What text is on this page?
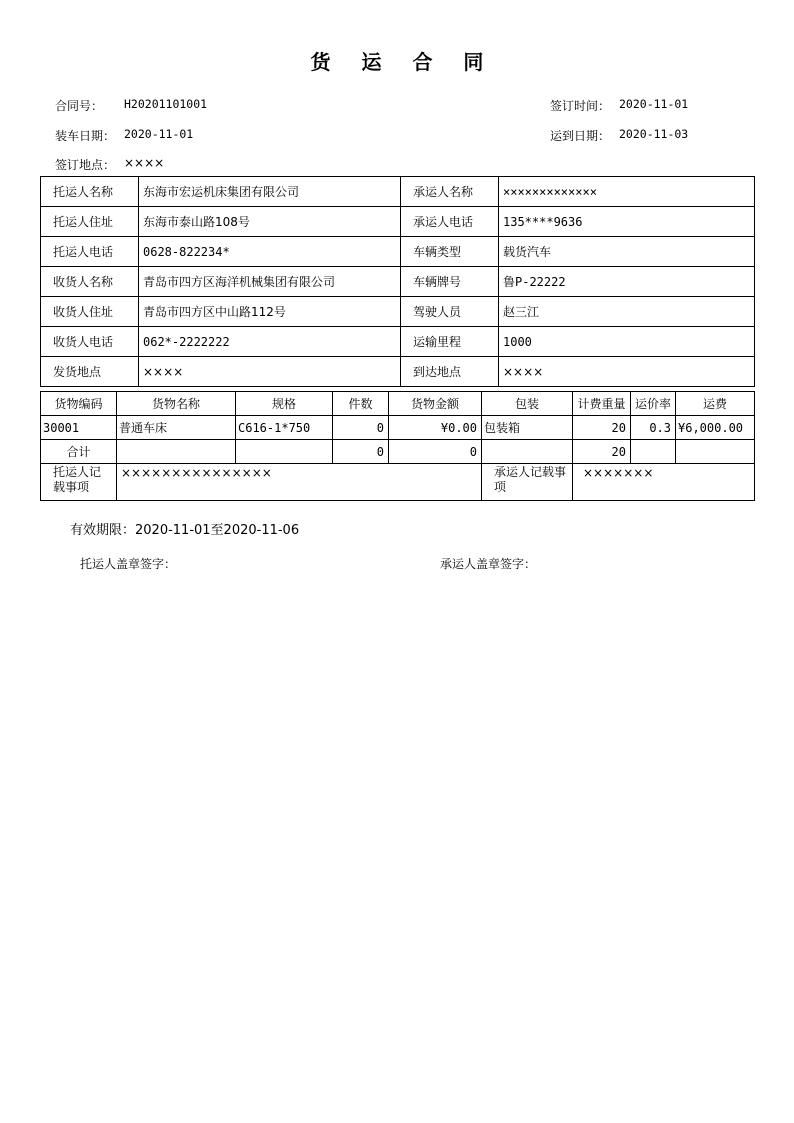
货 运 合 同
合同号： H20201101001	签订时间： 2020-11-01
装车日期： 2020-11-01	运到日期： 2020-11-03
签订地点： ××××
托运人名称	东海市宏运机床集团有限公司	承运人名称	×××××××××××××
托运人住址	东海市泰山路108号	承运人电话	135****9636
托运人电话	0628-822234*	车辆类型	载货汽车
收货人名称	青岛市四方区海洋机械集团有限公司	车辆牌号	鲁P-22222
收货人住址	青岛市四方区中山路112号	驾驶人员	赵三江
收货人电话	062*-2222222	运输里程	1000
发货地点	××××	到达地点	××××
货物编码	货物名称	规格	件数	货物金额	包装	计费重量	运价率	运费
30001	普通车床	C616-1*750	0	¥0.00	包装箱	20	0.3	¥6,000.00
合计			0	0		20		
托运人记载事项	×××××××××××××××				承运人记载事项	×××××××		
有效期限：2020-11-01至2020-11-06
托运人盖章签字：	承运人盖章签字：
